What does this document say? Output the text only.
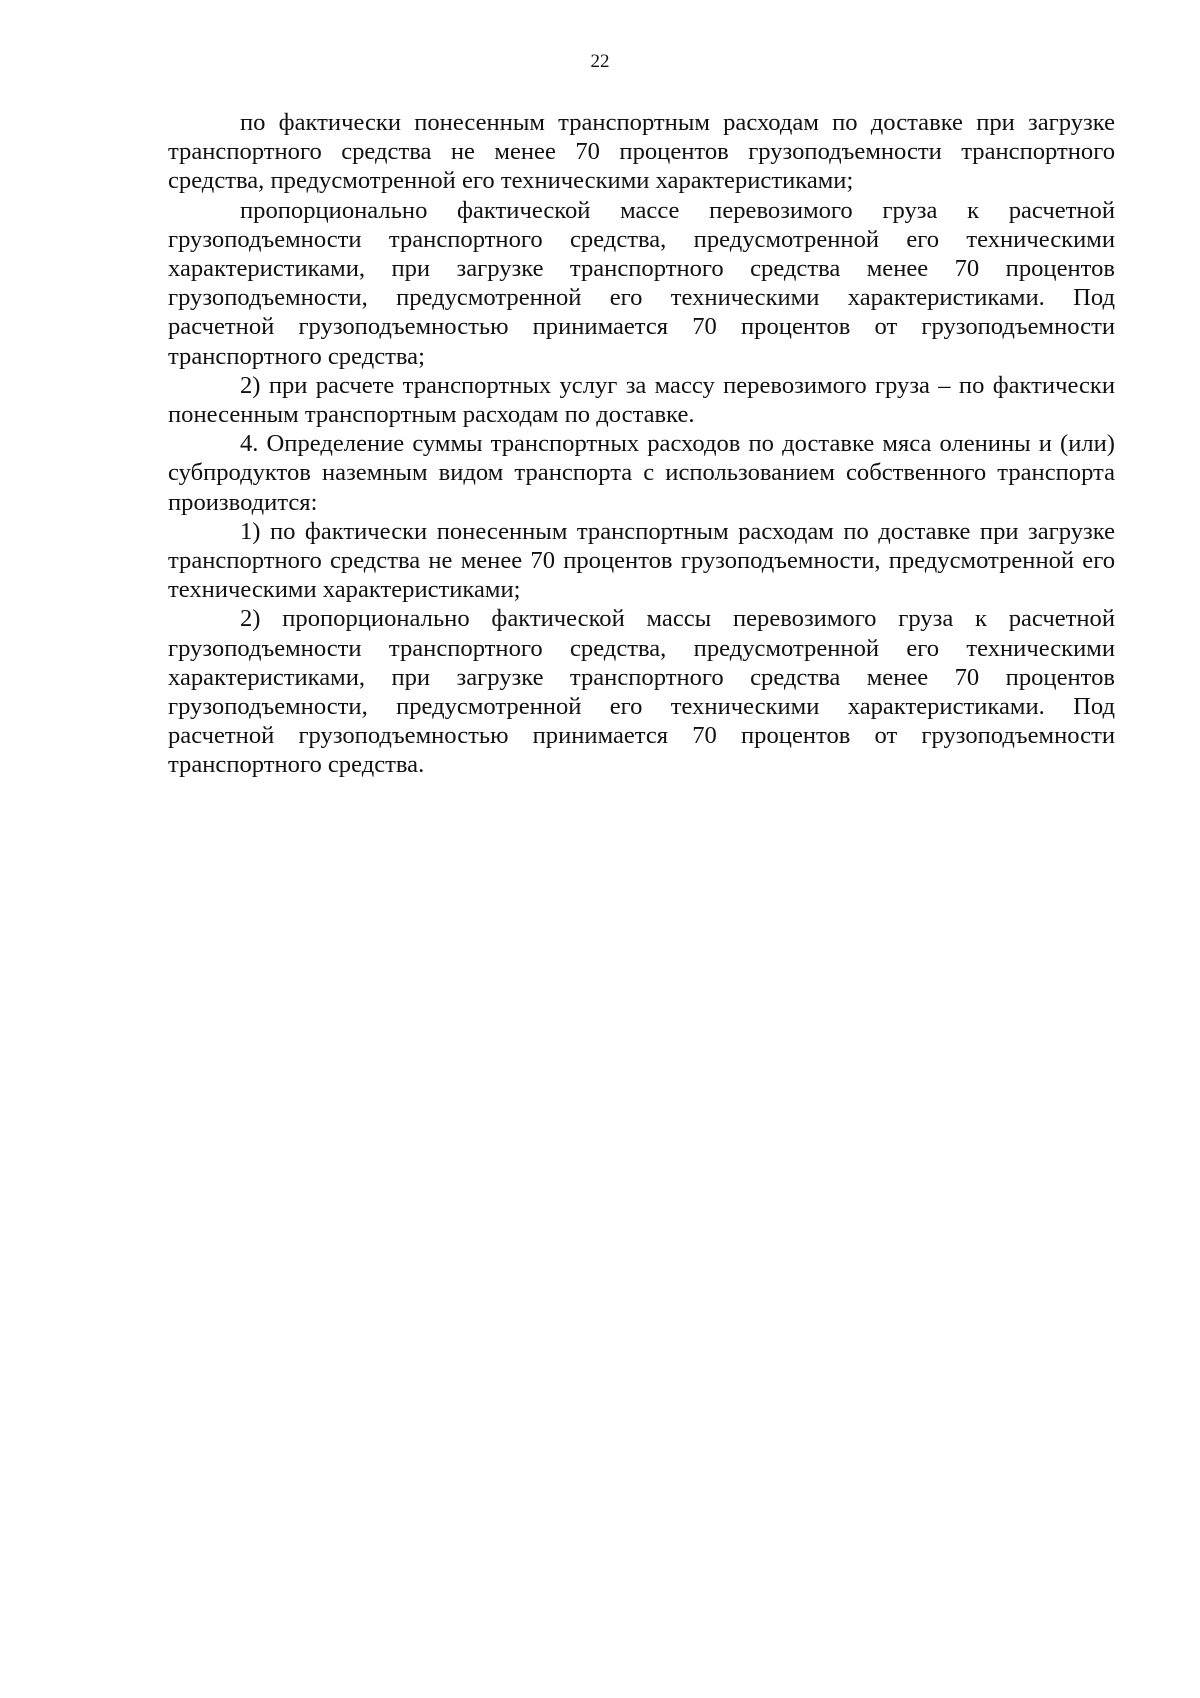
22

по фактически понесенным транспортным расходам по доставке при загрузке транспортного средства не менее 70 процентов грузоподъемности транспортного средства, предусмотренной его техническими характеристиками;

пропорционально фактической массе перевозимого груза к расчетной грузоподъемности транспортного средства, предусмотренной его техническими характеристиками, при загрузке транспортного средства менее 70 процентов грузоподъемности, предусмотренной его техническими характеристиками. Под расчетной грузоподъемностью принимается 70 процентов от грузоподъемности транспортного средства;

2) при расчете транспортных услуг за массу перевозимого груза – по фактически понесенным транспортным расходам по доставке.

4. Определение суммы транспортных расходов по доставке мяса оленины и (или) субпродуктов наземным видом транспорта с использованием собственного транспорта производится:

1) по фактически понесенным транспортным расходам по доставке при загрузке транспортного средства не менее 70 процентов грузоподъемности, предусмотренной его техническими характеристиками;

2) пропорционально фактической массы перевозимого груза к расчетной грузоподъемности транспортного средства, предусмотренной его техническими характеристиками, при загрузке транспортного средства менее 70 процентов грузоподъемности, предусмотренной его техническими характеристиками. Под расчетной грузоподъемностью принимается 70 процентов от грузоподъемности транспортного средства.
